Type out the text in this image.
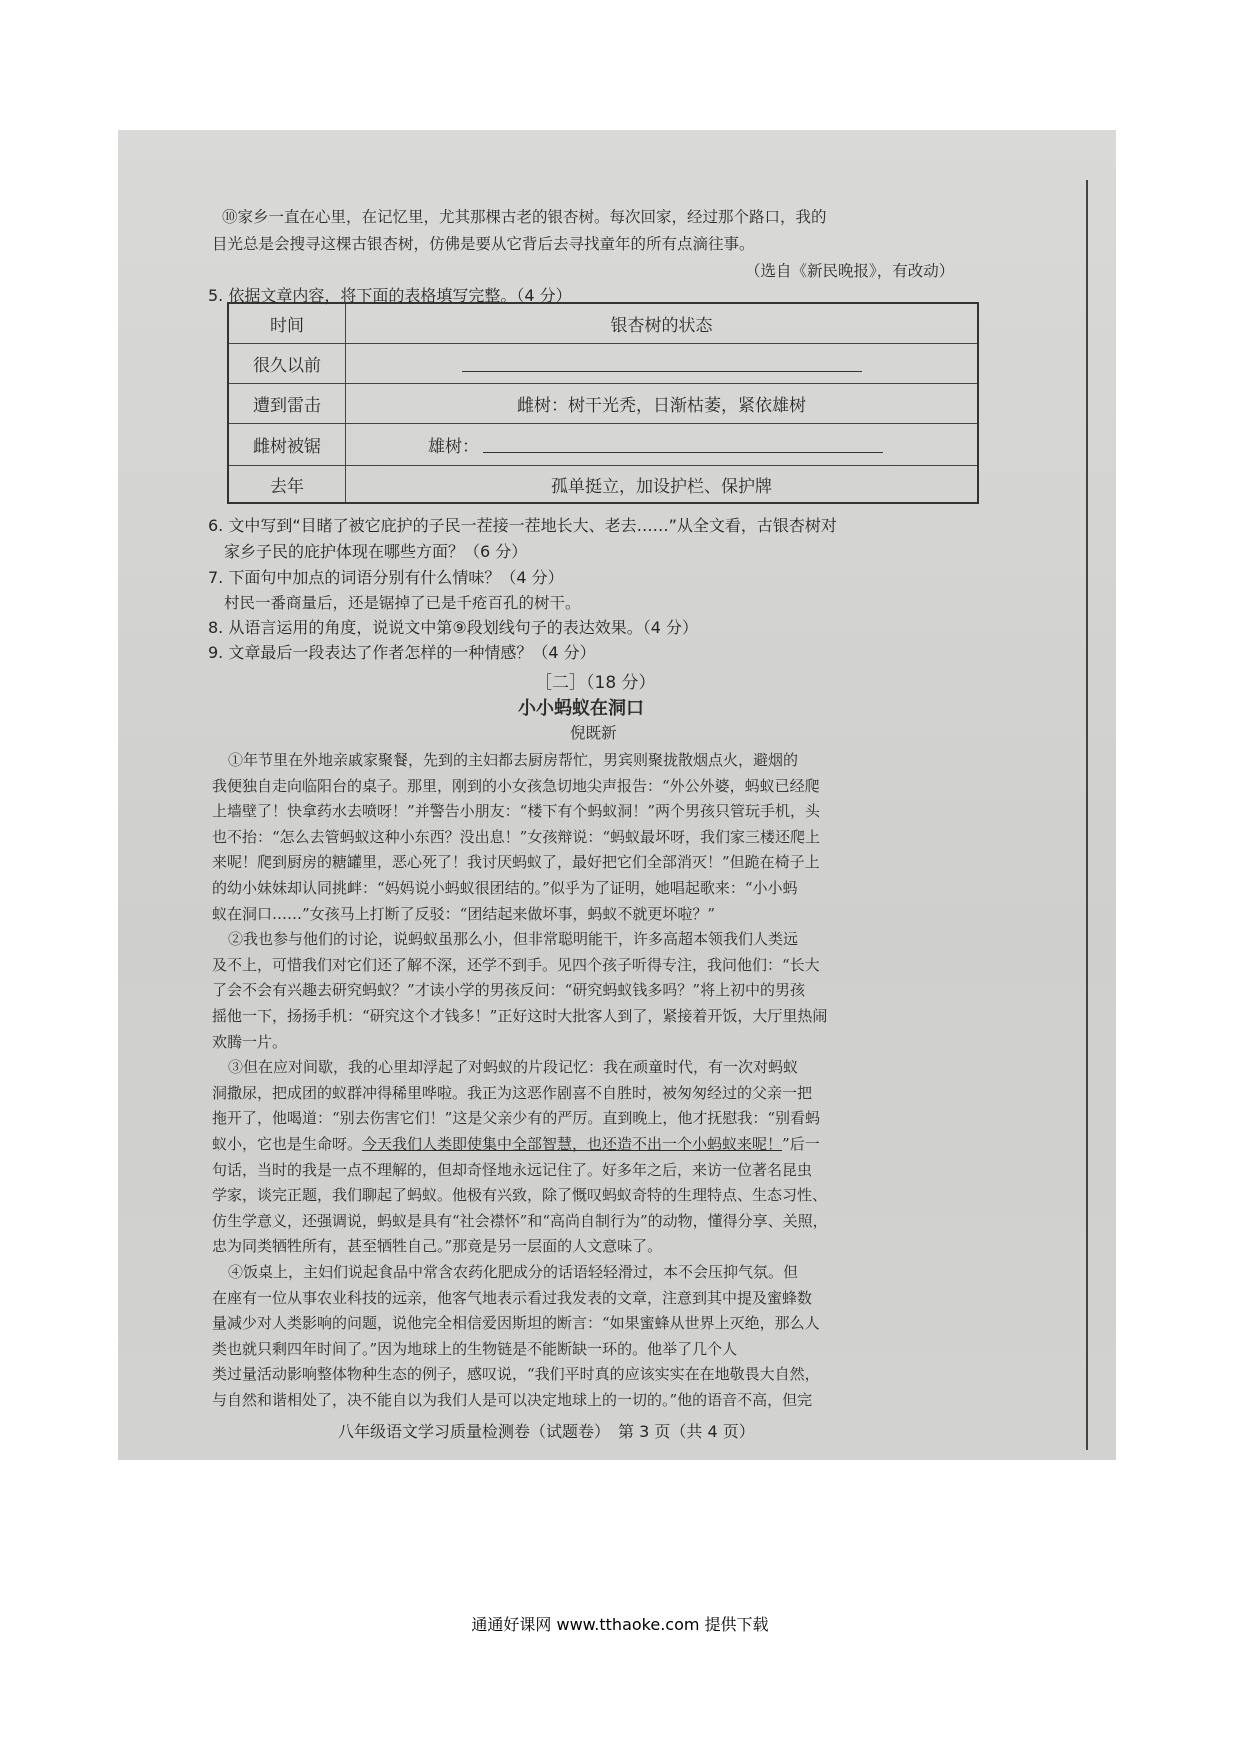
⑩家乡一直在心里，在记忆里，尤其那棵古老的银杏树。每次回家，经过那个路口，我的
目光总是会搜寻这棵古银杏树，仿佛是要从它背后去寻找童年的所有点滴往事。
（选自《新民晚报》，有改动）
5. 依据文章内容，将下面的表格填写完整。（4 分）
时间	银杏树的状态
很久以前
遭到雷击	雌树：树干光秃，日渐枯萎，紧依雄树
雌树被锯	雄树：
去年	孤单挺立，加设护栏、保护牌
6. 文中写到“目睹了被它庇护的子民一茬接一茬地长大、老去……”从全文看，古银杏树对
家乡子民的庇护体现在哪些方面？（6 分）
7. 下面句中加点的词语分别有什么情味？（4 分）
村民一番商量后，还是锯掉了已是千疮百孔的树干。
8. 从语言运用的角度，说说文中第⑨段划线句子的表达效果。（4 分）
9. 文章最后一段表达了作者怎样的一种情感？（4 分）
［二］（18 分）
小小蚂蚁在洞口
倪既新
①年节里在外地亲戚家聚餐，先到的主妇都去厨房帮忙，男宾则聚拢散烟点火，避烟的
我便独自走向临阳台的桌子。那里，刚到的小女孩急切地尖声报告：“外公外婆，蚂蚁已经爬
上墙壁了！快拿药水去喷呀！”并警告小朋友：“楼下有个蚂蚁洞！”两个男孩只管玩手机，头
也不抬：“怎么去管蚂蚁这种小东西？没出息！”女孩辩说：“蚂蚁最坏呀，我们家三楼还爬上
来呢！爬到厨房的糖罐里，恶心死了！我讨厌蚂蚁了，最好把它们全部消灭！”但跪在椅子上
的幼小妹妹却认同挑衅：“妈妈说小蚂蚁很团结的。”似乎为了证明，她唱起歌来：“小小蚂
蚁在洞口……”女孩马上打断了反驳：“团结起来做坏事，蚂蚁不就更坏啦？”
②我也参与他们的讨论，说蚂蚁虽那么小，但非常聪明能干，许多高超本领我们人类远
及不上，可惜我们对它们还了解不深，还学不到手。见四个孩子听得专注，我问他们：“长大
了会不会有兴趣去研究蚂蚁？”才读小学的男孩反问：“研究蚂蚁钱多吗？”将上初中的男孩
摇他一下，扬扬手机：“研究这个才钱多！”正好这时大批客人到了，紧接着开饭，大厅里热闹
欢腾一片。
③但在应对间歇，我的心里却浮起了对蚂蚁的片段记忆：我在顽童时代，有一次对蚂蚁
洞撒尿，把成团的蚁群冲得稀里哗啦。我正为这恶作剧喜不自胜时，被匆匆经过的父亲一把
拖开了，他喝道：“别去伤害它们！”这是父亲少有的严厉。直到晚上，他才抚慰我：“别看蚂
蚁小，它也是生命呀。今天我们人类即使集中全部智慧，也还造不出一个小蚂蚁来呢！”后一
句话，当时的我是一点不理解的，但却奇怪地永远记住了。好多年之后，来访一位著名昆虫
学家，谈完正题，我们聊起了蚂蚁。他极有兴致，除了慨叹蚂蚁奇特的生理特点、生态习性、
仿生学意义，还强调说，蚂蚁是具有“社会襟怀”和“高尚自制行为”的动物，懂得分享、关照，
忠为同类牺牲所有，甚至牺牲自己。”那竟是另一层面的人文意味了。
④饭桌上，主妇们说起食品中常含农药化肥成分的话语轻轻滑过，本不会压抑气氛。但
在座有一位从事农业科技的远亲，他客气地表示看过我发表的文章，注意到其中提及蜜蜂数
量减少对人类影响的问题，说他完全相信爱因斯坦的断言：“如果蜜蜂从世界上灭绝，那么人
类也就只剩四年时间了。”因为地球上的生物链是不能断缺一环的。他举了几个人
类过量活动影响整体物种生态的例子，感叹说，“我们平时真的应该实实在在地敬畏大自然，
与自然和谐相处了，决不能自以为我们人是可以决定地球上的一切的。”他的语音不高，但完
八年级语文学习质量检测卷（试题卷）　第 3 页（共 4 页）
通通好课网 www.tthaoke.com 提供下载
